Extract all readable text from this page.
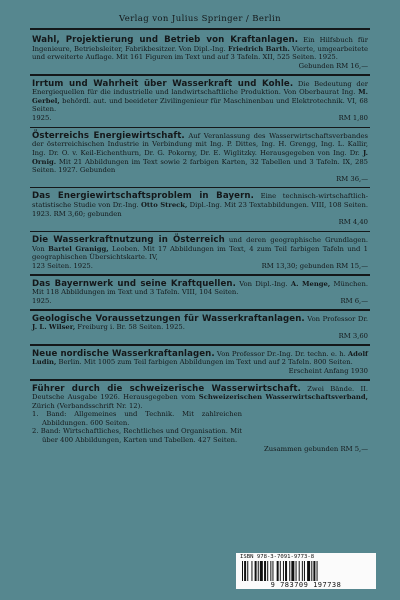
Verlag von Julius Springer / Berlin
Wahl, Projektierung und Betrieb von Kraftanlagen. Ein Hilfsbuch für Ingenieure, Betriebsleiter, Fabrikbesitzer. Von Dipl.-Ing. Friedrich Barth. Vierte, umgearbeitete und erweiterte Auflage. Mit 161 Figuren im Text und auf 3 Tafeln. XII, 525 Seiten. 1925.
Gebunden RM 16,—
Irrtum und Wahrheit über Wasserkraft und Kohle. Die Bedeutung der Energiequellen für die industrielle und landwirtschaftliche Produktion. Von Oberbaurat Ing. M. Gerbel, behördl. aut. und beeideter Zivilingenieur für Maschinenbau und Elektrotechnik. VI, 68 Seiten.
1925.	RM 1,80
Österreichs Energiewirtschaft. Auf Veranlassung des Wasserwirtschaftsverbandes der österreichischen Industrie in Verbindung mit Ing. P. Dittes, Ing. H. Grengg, Ing. L. Kallir, Ing. Dr. O. v. Keil-Eichenthurn, Dr. G. Pokorny, Dr. E. Wiglitzky. Herausgegeben von Ing. Dr. J. Ornig. Mit 21 Abbildungen im Text sowie 2 farbigen Karten, 32 Tabellen und 3 Tafeln. IX, 285 Seiten. 1927. Gebunden
RM 36,—
Das Energiewirtschaftsproblem in Bayern. Eine technisch-wirtschaftlich-statistische Studie von Dr.-Ing. Otto Streck, Dipl.-Ing. Mit 23 Textabbildungen. VIII, 108 Seiten. 1923. RM 3,60; gebunden
RM 4,40
Die Wasserkraftnutzung in Österreich und deren geographische Grundlagen. Von Bartel Granigg, Leoben. Mit 17 Abbildungen im Text, 4 zum Teil farbigen Tafeln und 1 geographischen Übersichtskarte. IV,
123 Seiten. 1925.	RM 13,30; gebunden RM 15,—
Das Bayernwerk und seine Kraftquellen. Von Dipl.-Ing. A. Menge, München. Mit 118 Abbildungen im Text und 3 Tafeln. VIII, 104 Seiten.
1925.	RM 6,—
Geologische Voraussetzungen für Wasserkraftanlagen. Von Professor Dr. J. L. Wilser, Freiburg i. Br. 58 Seiten. 1925.
RM 3,60
Neue nordische Wasserkraftanlagen. Von Professor Dr.-Ing. Dr. techn. e. h. Adolf Ludin, Berlin. Mit 1005 zum Teil farbigen Abbildungen im Text und auf 2 Tafeln. 800 Seiten.
Erscheint Anfang 1930
Führer durch die schweizerische Wasserwirtschaft. Zwei Bände. II. Deutsche Ausgabe 1926. Herausgegeben vom Schweizerischen Wasserwirtschaftsverband, Zürich (Verbandsschrift Nr. 12).
1. Band: Allgemeines und Technik. Mit zahlreichen Abbildungen. 600 Seiten.
2. Band: Wirtschaftliches, Rechtliches und Organisation. Mit über 400 Abbildungen, Karten und Tabellen. 427 Seiten.
Zusammen gebunden RM 5,—
ISBN 978-3-7091-9773-8
9 783709 197738
